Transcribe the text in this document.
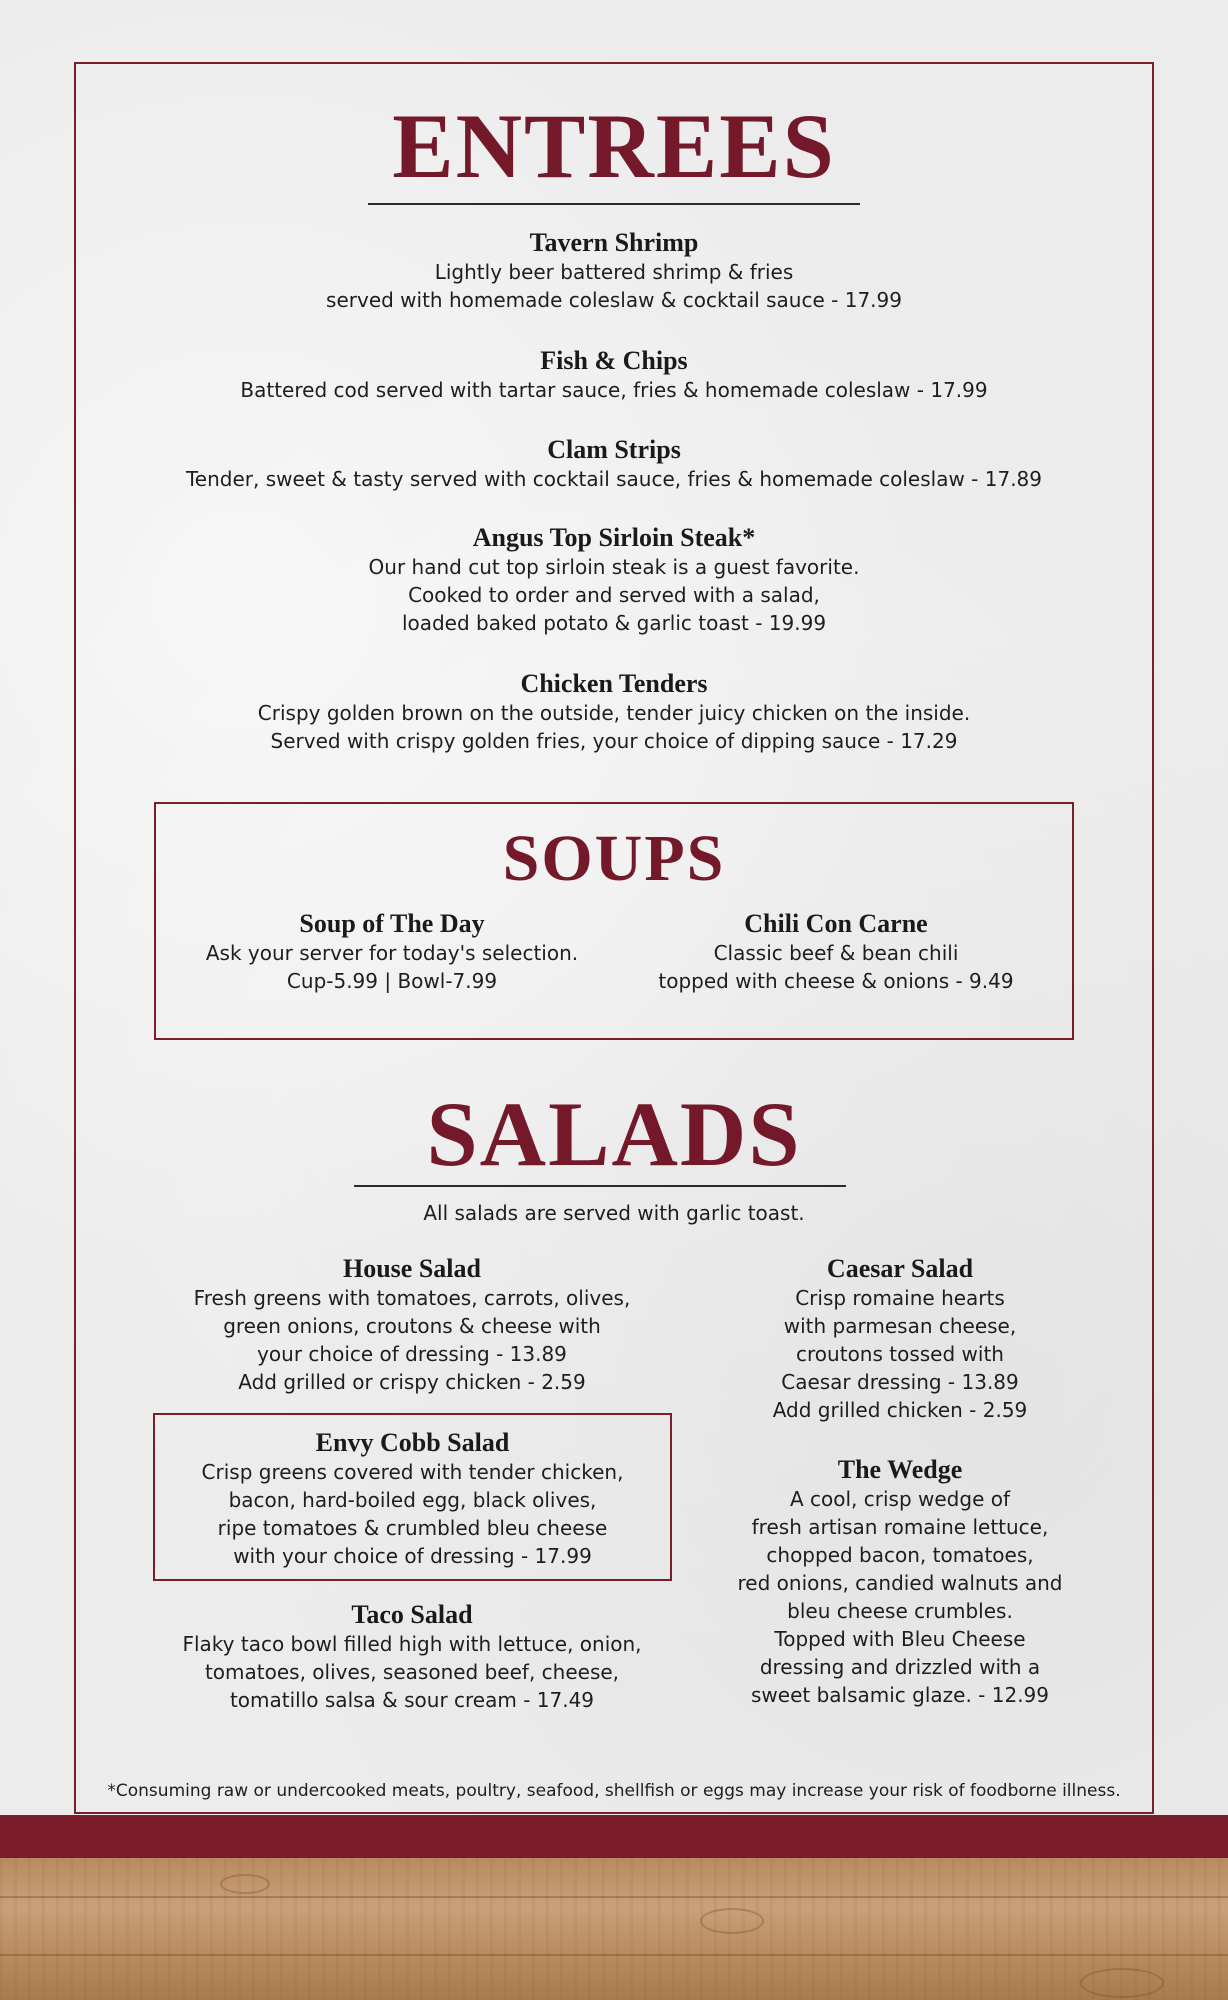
ENTREES

Tavern Shrimp

Lightly beer battered shrimp & fries
served with homemade coleslaw & cocktail sauce - 17.99

Fish & Chips

Battered cod served with tartar sauce, fries & homemade coleslaw - 17.99

Clam Strips

Tender, sweet & tasty served with cocktail sauce, fries & homemade coleslaw - 17.89

Angus Top Sirloin Steak*

Our hand cut top sirloin steak is a guest favorite.
Cooked to order and served with a salad,
loaded baked potato & garlic toast - 19.99

Chicken Tenders

Crispy golden brown on the outside, tender juicy chicken on the inside.
Served with crispy golden fries, your choice of dipping sauce - 17.29

SOUPS

Soup of The Day

Ask your server for today's selection.
Cup-5.99 | Bowl-7.99

Chili Con Carne

Classic beef & bean chili
topped with cheese & onions - 9.49

SALADS
All salads are served with garlic toast.

House Salad

Fresh greens with tomatoes, carrots, olives,
green onions, croutons & cheese with
your choice of dressing - 13.89
Add grilled or crispy chicken - 2.59

Envy Cobb Salad

Crisp greens covered with tender chicken,
bacon, hard-boiled egg, black olives,
ripe tomatoes & crumbled bleu cheese
with your choice of dressing - 17.99

Taco Salad

Flaky taco bowl filled high with lettuce, onion,
tomatoes, olives, seasoned beef, cheese,
tomatillo salsa & sour cream - 17.49

Caesar Salad

Crisp romaine hearts
with parmesan cheese,
croutons tossed with
Caesar dressing - 13.89
Add grilled chicken - 2.59

The Wedge

A cool, crisp wedge of
fresh artisan romaine lettuce,
chopped bacon, tomatoes,
red onions, candied walnuts and
bleu cheese crumbles.
Topped with Bleu Cheese
dressing and drizzled with a
sweet balsamic glaze. - 12.99

*Consuming raw or undercooked meats, poultry, seafood, shellfish or eggs may increase your risk of foodborne illness.
